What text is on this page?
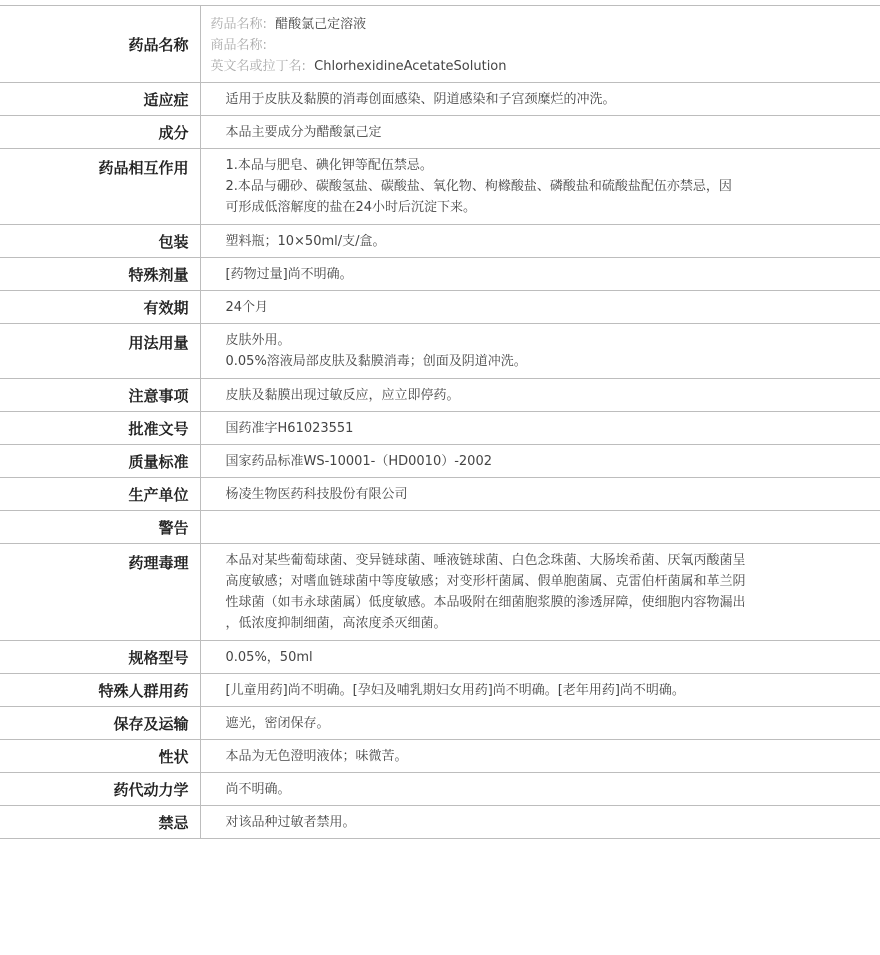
药品名称	药品名称: 醋酸氯己定溶液
商品名称:
英文名或拉丁名: ChlorhexidineAcetateSolution

适应症	适用于皮肤及黏膜的消毒创面感染、阴道感染和子宫颈糜烂的冲洗。
成分	本品主要成分为醋酸氯己定
药品相互作用	1.本品与肥皂、碘化钾等配伍禁忌。
2.本品与硼砂、碳酸氢盐、碳酸盐、氧化物、枸橼酸盐、磷酸盐和硫酸盐配伍亦禁忌，因
可形成低溶解度的盐在24小时后沉淀下来。

包装	塑料瓶；10×50ml/支/盒。
特殊剂量	[药物过量]尚不明确。
有效期	24个月
用法用量	皮肤外用。
0.05%溶液局部皮肤及黏膜消毒；创面及阴道冲洗。

注意事项	皮肤及黏膜出现过敏反应，应立即停药。
批准文号	国药准字H61023551
质量标准	国家药品标准WS-10001-（HD0010）-2002
生产单位	杨凌生物医药科技股份有限公司
警告	
药理毒理	本品对某些葡萄球菌、变异链球菌、唾液链球菌、白色念珠菌、大肠埃希菌、厌氧丙酸菌呈
高度敏感；对嗜血链球菌中等度敏感；对变形杆菌属、假单胞菌属、克雷伯杆菌属和革兰阴
性球菌（如韦永球菌属）低度敏感。本品吸附在细菌胞浆膜的渗透屏障，使细胞内容物漏出
，低浓度抑制细菌，高浓度杀灭细菌。

规格型号	0.05%，50ml
特殊人群用药	[儿童用药]尚不明确。[孕妇及哺乳期妇女用药]尚不明确。[老年用药]尚不明确。
保存及运输	遮光，密闭保存。
性状	本品为无色澄明液体；味微苦。
药代动力学	尚不明确。
禁忌	对该品种过敏者禁用。
